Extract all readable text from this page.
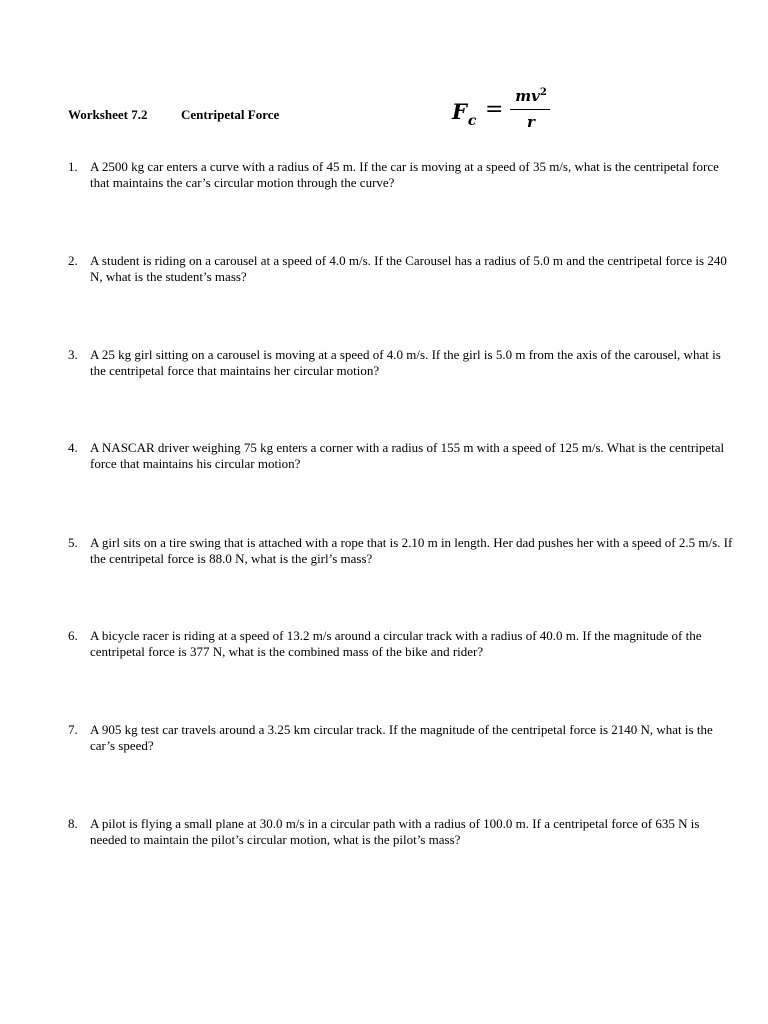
Worksheet 7.2	Centripetal Force	$F_c$ =
$mv^2$
r
1. A 2500 kg car enters a curve with a radius of 45 m. If the car is moving at a speed of 35 m/s, what is the centripetal force that maintains the car’s circular motion through the curve?
2. A student is riding on a carousel at a speed of 4.0 m/s. If the Carousel has a radius of 5.0 m and the centripetal force is 240 N, what is the student’s mass?
3. A 25 kg girl sitting on a carousel is moving at a speed of 4.0 m/s. If the girl is 5.0 m from the axis of the carousel, what is the centripetal force that maintains her circular motion?
4. A NASCAR driver weighing 75 kg enters a corner with a radius of 155 m with a speed of 125 m/s. What is the centripetal force that maintains his circular motion?
5. A girl sits on a tire swing that is attached with a rope that is 2.10 m in length. Her dad pushes her with a speed of 2.5 m/s. If the centripetal force is 88.0 N, what is the girl’s mass?
6. A bicycle racer is riding at a speed of 13.2 m/s around a circular track with a radius of 40.0 m. If the magnitude of the centripetal force is 377 N, what is the combined mass of the bike and rider?
7. A 905 kg test car travels around a 3.25 km circular track. If the magnitude of the centripetal force is 2140 N, what is the car’s speed?
8. A pilot is flying a small plane at 30.0 m/s in a circular path with a radius of 100.0 m. If a centripetal force of 635 N is needed to maintain the pilot’s circular motion, what is the pilot’s mass?
